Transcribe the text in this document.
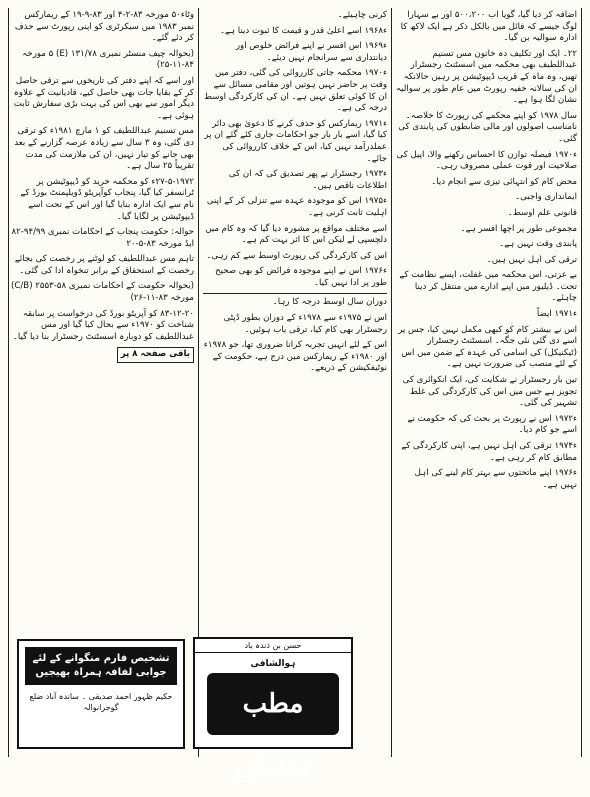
اضافہ کر دیا گیا، گویا اب ۵۰۰،۲۰۰ اور بے سہارا لوگ جیسے کہ فائل میں بالکل ذکر ہے ایک لاکھ کا ادارہ سوالیہ بن گیا۔

۲۲۔ ایک اور تکلیف دہ خاتون مس تسنیم عبداللطیف بھی محکمہ میں اسسٹنٹ رجسٹرار تھیں، وہ ماہ کے قریب ڈیپوٹیشن پر رہیں حالانکہ ان کی سالانہ خفیہ رپورٹ میں عام طور پر سوالیہ نشان لگا ہوا ہے۔

سال ۱۹۷۸ کو اپنے محکمے کی رپورٹ کا خلاصہ۔ نامناسب اصولوں اور مالی ضابطوں کی پابندی کی گئی۔

ء۱۹۷۰ فیصلہ توازن کا احساس رکھنے والا، اپیل کی صلاحیت اور قوت عملی مصروف رہی۔

محض کام کو انتہائی تیزی سے انجام دیا۔

ایمانداری واجبی۔

قانونی علم اوسط۔

مجموعی طور پر اچھا افسر ہے۔

پابندی وقت نہیں ہے۔

ترقی کی اہل نہیں ہیں۔

بے عزتی، اس محکمہ میں غفلت، ایسے نظامت کے تحت۔ ڈیلیور میں اپنے ادارے میں منتقل کر دینا چاہئے۔

ء۱۹۷۱ ایضاً

اس نے بیشتر کام کو کبھی مکمل نہیں کیا، جس پر اسے دی گئی نئی جگہ۔ اسسٹنٹ رجسٹرار (ٹیکنیکل) کی اسامی کی عہدہ کے ضمن میں اس کے لئے منصب کی ضرورت نہیں ہے۔

تین بار رجسٹرار نے شکایت کی، ایک انکوائری کی تجویز ہے جس میں اس کی کارکردگی کی غلط تشہیر کی گئی۔

ء۱۹۷۲ اس نے رپورٹ پر بحث کی کہ حکومت نے اسے جو کام دیا۔

ء۱۹۷۴ ترقی کی اہل نہیں ہے، اپنی کارکردگی کے مطابق کام کر رہی ہے۔

ء۱۹۷۶ اپنے ماتحتوں سے بہتر کام لینے کی اہل نہیں ہے۔

کرنی چاہیئے۔

ء۱۹۶۸ اسے اعلیٰ قدر و قیمت کا ثبوت دینا ہے۔

ء۱۹۶۹ اس افسر نے اپنے فرائض خلوص اور دیانتداری سے سرانجام نہیں دیئے۔

ء۱۹۷۰ محکمہ جاتی کارروائی کی گئی، دفتر میں وقت پر حاضر نہیں ہوتیں اور مقامی مسائل سے ان کا کوئی تعلق نہیں ہے۔ ان کی کارکردگی اوسط درجہ کی ہے۔

ء۱۹۷۱ ریمارکس کو حذف کرنے کا دعویٰ بھی دائر کیا گیا، اسے بار بار جو احکامات جاری کئے گئے ان پر عملدرآمد نہیں کیا، اس کے خلاف کارروائی کی جائے۔

ء۱۹۷۳ رجسٹرار نے پھر تصدیق کی کہ ان کی اطلاعات ناقص ہیں۔

ء۱۹۷۵ اس کو موجودہ عہدہ سے تنزلی کر کے اپنی اہلیت ثابت کرنی ہے۔

اسے مختلف مواقع پر مشورہ دیا گیا کہ وہ کام میں دلچسپی لے لیکن اس کا اثر بہت کم ہے۔

اس کی کارکردگی کی رپورٹ اوسط سے کم رہی۔

ء۱۹۷۶ اس نے اپنے موجودہ فرائض کو بھی صحیح طور پر ادا نہیں کیا۔

دوران سال اوسط درجہ کا رہا۔

اس نے ۱۹۷۵ء سے ۱۹۷۸ء کے دوران بطور ڈپٹی رجسٹرار بھی کام کیا، ترقی یاب ہوئیں۔

اس کے لئے انہیں تجربہ کرانا ضروری تھا، جو ۱۹۷۸ء اور ۱۹۸۰ء کے ریمارکس میں درج ہے، حکومت کے نوٹیفکیشن کے ذریعے۔

وٹاء۵۰ مورخہ ۸۳-۲-۴ اور ۸۳-۹-۱۹ کے ریمارکس نمبر ۱۹۸۳ میں سیکرٹری کو اپنی رپورٹ سے حذف کر دئے گئے۔

(بحوالہ چیف منسٹر نمبری ۱۳۱/۷۸ (E) ۵ مورخہ ۸۴-۱۱-۲۵)

اور اسے کہ اپنے دفتر کی تاریخوں سے ترقی حاصل کر کے بقایا جات بھی حاصل کیے، قادیانیت کے علاوہ دیگر امور سے بھی اس کی بہت بڑی سفارش ثابت ہوئی ہے۔

مس تسنیم عبداللطیف کو ۱ مارچ ۱۹۸۱ء کو ترقی دی گئی، وہ ۳ سال سے زیادہ عرصہ گزارنے کے بعد بھی جانے کو تیار نہیں، ان کی ملازمت کی مدت تقریباً ۲۵ سال ہے۔

۲۷-۵-۱۹۷۲ء کو محکمہ خرید کو ڈیپوٹیشن پر ٹرانسفر کیا گیا، پنجاب کوآپریٹو ڈویلپمنٹ بورڈ کے نام سے ایک ادارہ بنایا گیا اور اس کے تحت اسے ڈیپوٹیشن پر لگایا گیا۔

حوالہ: حکومت پنجاب کے احکامات نمبری ۹۴/۹۹-۸۲ ایڈ مورخہ ۸۳-۵-۲۰

تاہم مس عبداللطیف کو لوٹنے پر رخصت کی بجائے رخصت کے استحقاق کے برابر تنخواہ ادا کی گئی۔

(بحوالہ حکومت کے احکامات نمبری ۵۸-۲۵۵۳ (C/B) مورخہ ۸۳-۱۱-۲۶)

۸۳-۱۲-۲۰ کو آپریٹو بورڈ کی درخواست پر سابقہ شناخت کو ۱۹۷۰ء سے بحال کیا گیا اور مس عبداللطیف کو دوبارہ اسسٹنٹ رجسٹرار بنا دیا گیا۔

باقی صفحہ ۸ پر

تشخیص فارم منگوانے کے لئے
جوابی لفافہ ہمراہ بھیجیں
حکیم ظہور احمد صدیقی ۔ ساندہ آباد ضلع گوجرانوالہ
حسن بن ذندہ باد
ہوالشافی
مطب صدیقی
